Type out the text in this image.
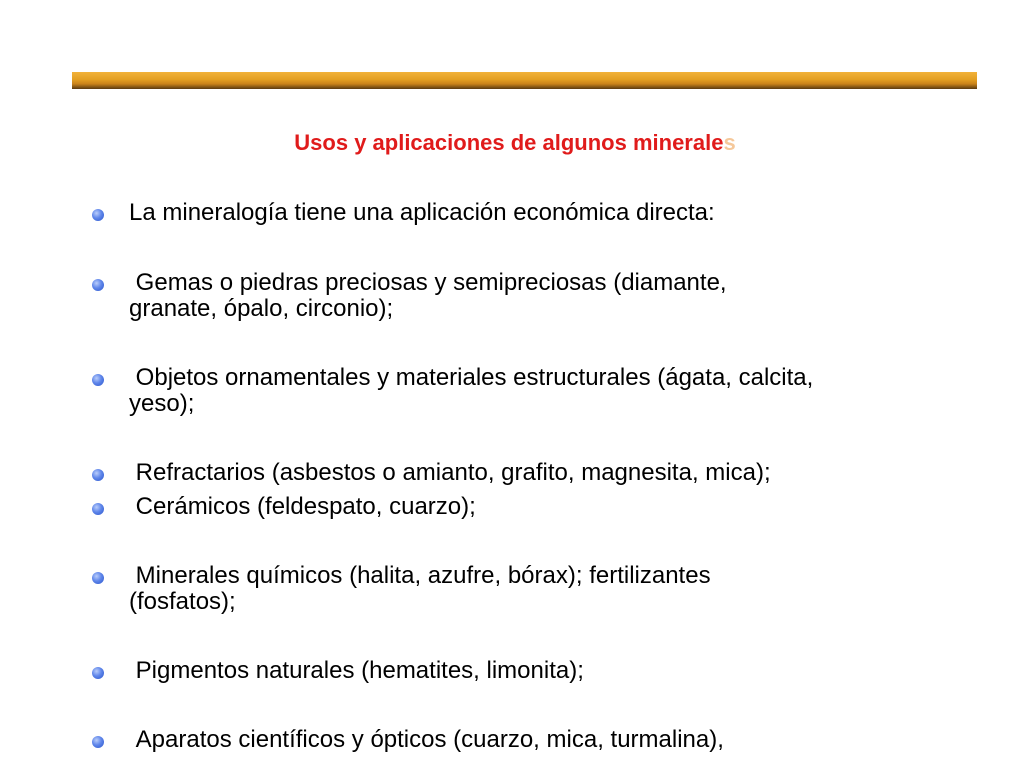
Usos y aplicaciones de algunos minerales
La mineralogía tiene una aplicación económica directa:
Gemas o piedras preciosas y semipreciosas (diamante,
granate, ópalo, circonio);
Objetos ornamentales y materiales estructurales (ágata, calcita,
yeso);
Refractarios (asbestos o amianto, grafito, magnesita, mica);
Cerámicos (feldespato, cuarzo);
Minerales químicos (halita, azufre, bórax); fertilizantes
(fosfatos);
Pigmentos naturales (hematites, limonita);
Aparatos científicos y ópticos (cuarzo, mica, turmalina),
